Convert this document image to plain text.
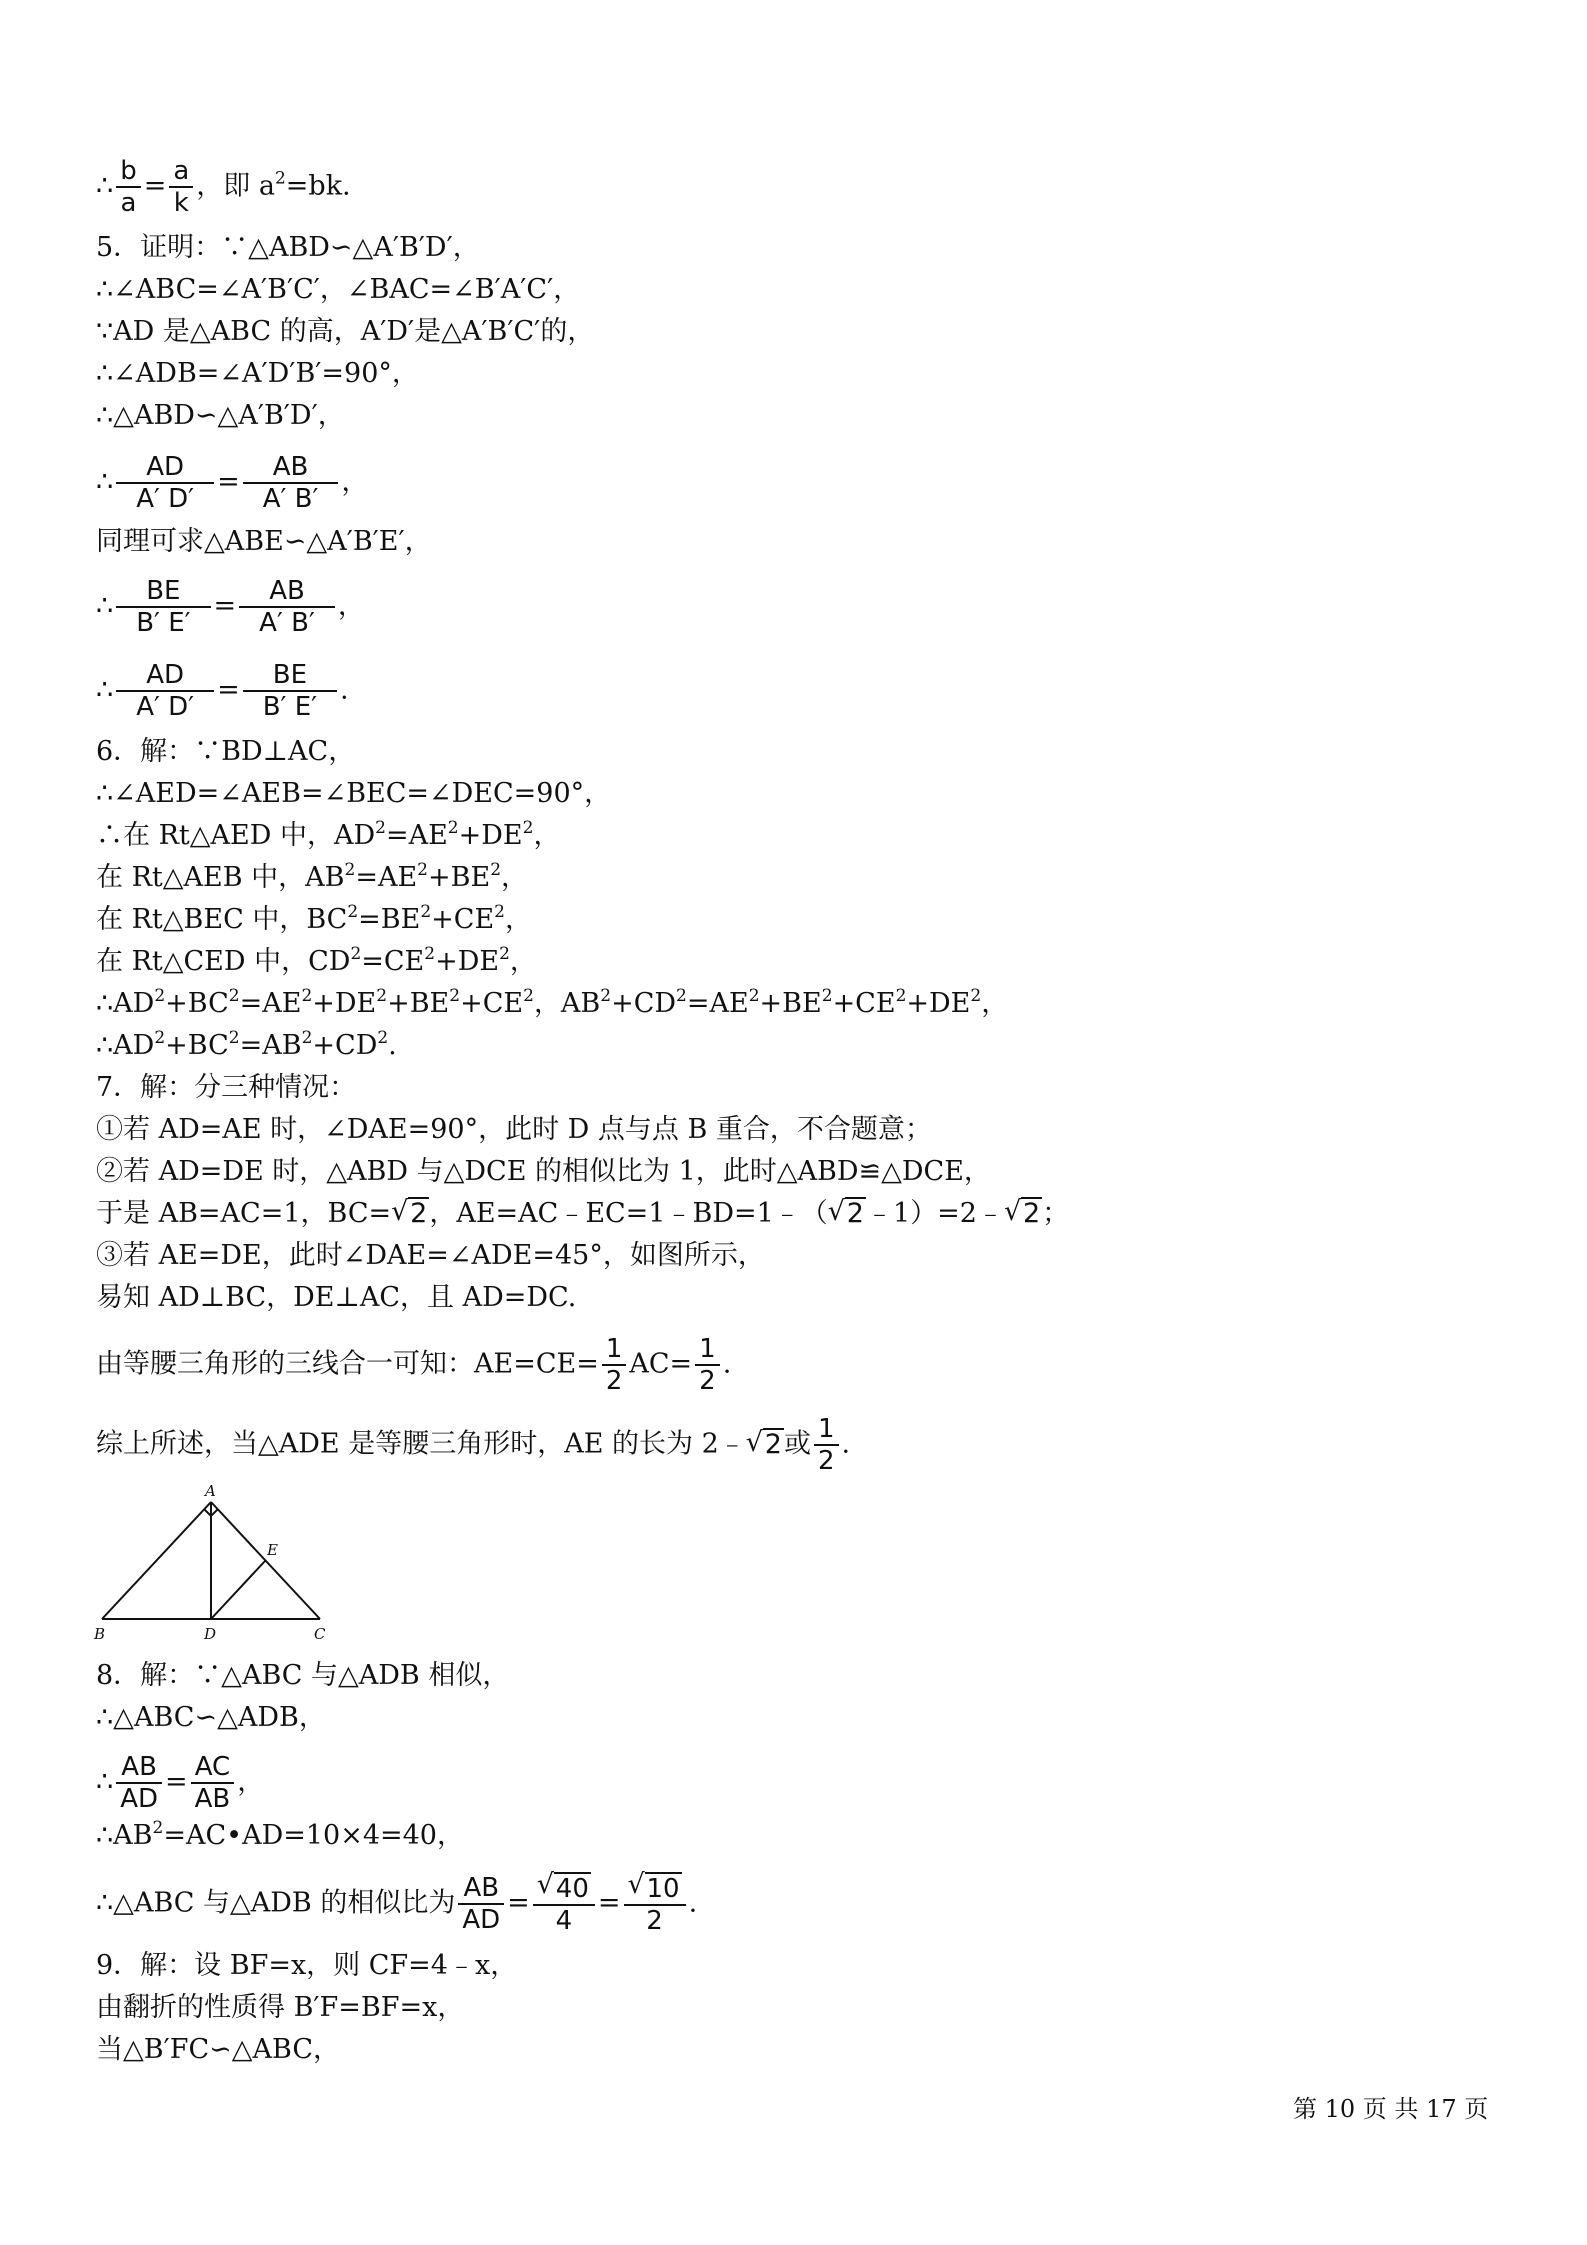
∴ $\frac{b}{a} = \frac{a}{k}$ ，即 $a^2=bk$.
5．证明：∵△ABD∽△A′B′D′，
∴∠ABC=∠A′B′C′，∠BAC=∠B′A′C′，
∵AD 是△ABC 的高，A′D′是△A′B′C′的，
∴∠ADB=∠A′D′B′=90°，
∴△ABD∽△A′B′D′，
∴ $\frac{AD}{A' D'} = \frac{AB}{A' B'}$ ，
同理可求△ABE∽△A′B′E′，
∴ $\frac{BE}{B' E'} = \frac{AB}{A' B'}$ ，
∴ $\frac{AD}{A' D'} = \frac{BE}{B' E'}$ .
6．解：∵BD⊥AC，
∴∠AED=∠AEB=∠BEC=∠DEC=90°，
∴在 Rt△AED 中，$AD^2=AE^2+DE^2$，
在 Rt△AEB 中，$AB^2=AE^2+BE^2$，
在 Rt△BEC 中，$BC^2=BE^2+CE^2$，
在 Rt△CED 中，$CD^2=CE^2+DE^2$，
$\therefore AD^2+BC^2=AE^2+DE^2+BE^2+CE^2$，$AB^2+CD^2=AE^2+BE^2+CE^2+DE^2$，
$\therefore AD^2+BC^2=AB^2+CD^2$.
7．解：分三种情况：
①若 AD=AE 时，∠DAE=90°，此时 D 点与点 B 重合，不合题意；
②若 AD=DE 时，△ABD 与△DCE 的相似比为 1，此时△ABD≌△DCE，
于是 AB=AC=1，BC= √ 2，AE=AC﹣EC=1﹣BD=1﹣（ √ 2﹣1）=2﹣ √ 2；
③若 AE=DE，此时∠DAE=∠ADE=45°，如图所示，
易知 AD⊥BC，DE⊥AC，且 AD=DC.
由等腰三角形的三线合一可知：$AE=CE= \frac{1}{2} AC= \frac{1}{2}$ .
综上所述，当△ADE 是等腰三角形时，AE 的长为 2﹣ √ 2或 $\frac{1}{2}$ .
A
B	D	C
E
8．解：∵△ABC 与△ADB 相似，
∴△ABC∽△ADB，
∴ $\frac{AB}{AD} = \frac{AC}{AB}$ ，
$\therefore AB^2=AC•AD=10\times 4=40$，
∴△ABC 与△ADB 的相似比为 $\frac{AB}{AD} = \frac{√ 40}{4} = \frac{√ 10}{2}$ .
9．解：设 BF=x，则 CF=4﹣x，
由翻折的性质得 B′F=BF=x，
当△B′FC∽△ABC，
第 10 页 共 17 页
